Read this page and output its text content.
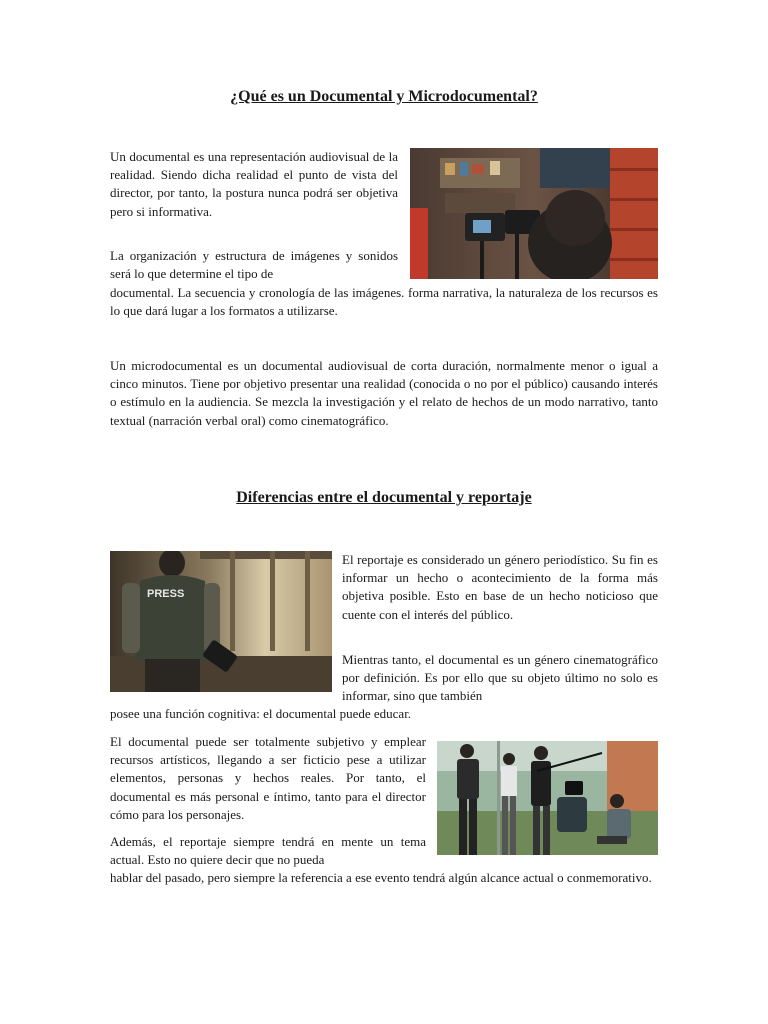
¿Qué es un Documental y Microdocumental?

Un documental es una representación audiovisual de la realidad. Siendo dicha realidad el punto de vista del director, por tanto, la postura nunca podrá ser objetiva pero si informativa.

La organización y estructura de imágenes y sonidos será lo que determine el tipo de

documental. La secuencia y cronología de las imágenes. forma narrativa, la naturaleza de los recursos es lo que dará lugar a los formatos a utilizarse.

Un microdocumental es un documental audiovisual de corta duración, normalmente menor o igual a cinco minutos. Tiene por objetivo presentar una realidad (conocida o no por el público) causando interés o estímulo en la audiencia. Se mezcla la investigación y el relato de hechos de un modo narrativo, tanto textual (narración verbal oral) como cinematográfico.

Diferencias entre el documental y reportaje
PRESS

El reportaje es considerado un género periodístico. Su fin es informar un hecho o acontecimiento de la forma más objetiva posible. Esto en base de un hecho noticioso que cuente con el interés del público.

Mientras tanto, el documental es un género cinematográfico por definición. Es por ello que su objeto último no solo es informar, sino que también

posee una función cognitiva: el documental puede educar.

El documental puede ser totalmente subjetivo y emplear recursos artísticos, llegando a ser ficticio pese a utilizar elementos, personas y hechos reales. Por tanto, el documental es más personal e íntimo, tanto para el director cómo para los personajes.

Además, el reportaje siempre tendrá en mente un tema actual. Esto no quiere decir que no pueda

hablar del pasado, pero siempre la referencia a ese evento tendrá algún alcance actual o conmemorativo.
